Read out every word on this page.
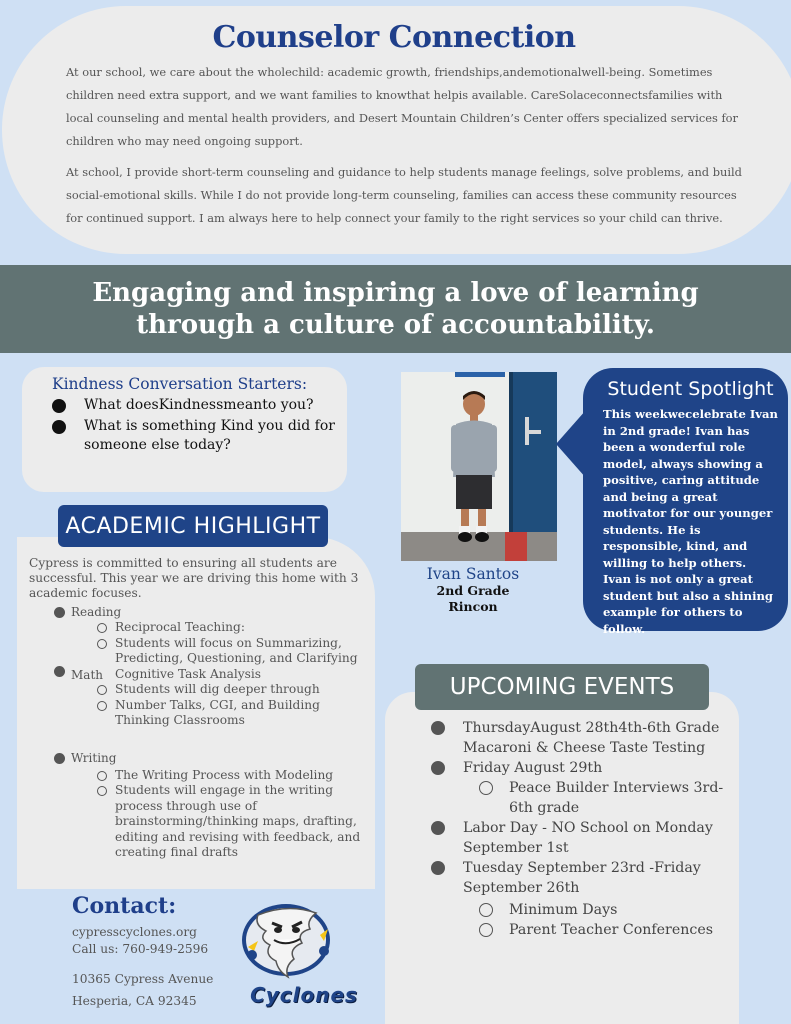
Counselor Connection

At our school, we care about the wholechild: academic growth, friendships,andemotionalwell-being. Sometimes children need extra support, and we want families to knowthat helpis available. CareSolaceconnectsfamilies with local counseling and mental health providers, and Desert Mountain Children’s Center offers specialized services for children who may need ongoing support.

At school, I provide short-term counseling and guidance to help students manage feelings, solve problems, and build social-emotional skills. While I do not provide long-term counseling, families can access these community resources for continued support. I am always here to help connect your family to the right services so your child can thrive.

Engaging and inspiring a love of learning
through a culture of accountability.
Kindness Conversation Starters:
What doesKindnessmeanto you?
What is something Kind you did for someone else today?
ACADEMIC HIGHLIGHT

Cypress is committed to ensuring all students are successful. This year we are driving this home with 3 academic focuses.

Reading
Reciprocal Teaching:
Students will focus on Summarizing, Predicting, Questioning, and Clarifying
Math Cognitive Task Analysis
Students will dig deeper through
Number Talks, CGI, and Building Thinking Classrooms
Writing
The Writing Process with Modeling
Students will engage in the writing process through use of brainstorming/thinking maps, drafting, editing and revising with feedback, and creating final drafts
Ivan Santos
2nd Grade
Rincon
Student Spotlight

This weekwecelebrate Ivan in 2nd grade! Ivan has been a wonderful role model, always showing a positive, caring attitude and being a great motivator for our younger students. He is responsible, kind, and willing to help others. Ivan is not only a great student but also a shining example for others to follow.

UPCOMING EVENTS
ThursdayAugust 28th4th-6th Grade Macaroni & Cheese Taste Testing
Friday August 29th
Peace Builder Interviews 3rd-6th grade
Labor Day - NO School on Monday September 1st
Tuesday September 23rd -Friday September 26th
Minimum Days
Parent Teacher Conferences
Contact:
cypresscyclones.org
Call us: 760-949-2596
10365 Cypress Avenue
Hesperia, CA 92345	Cyclones
